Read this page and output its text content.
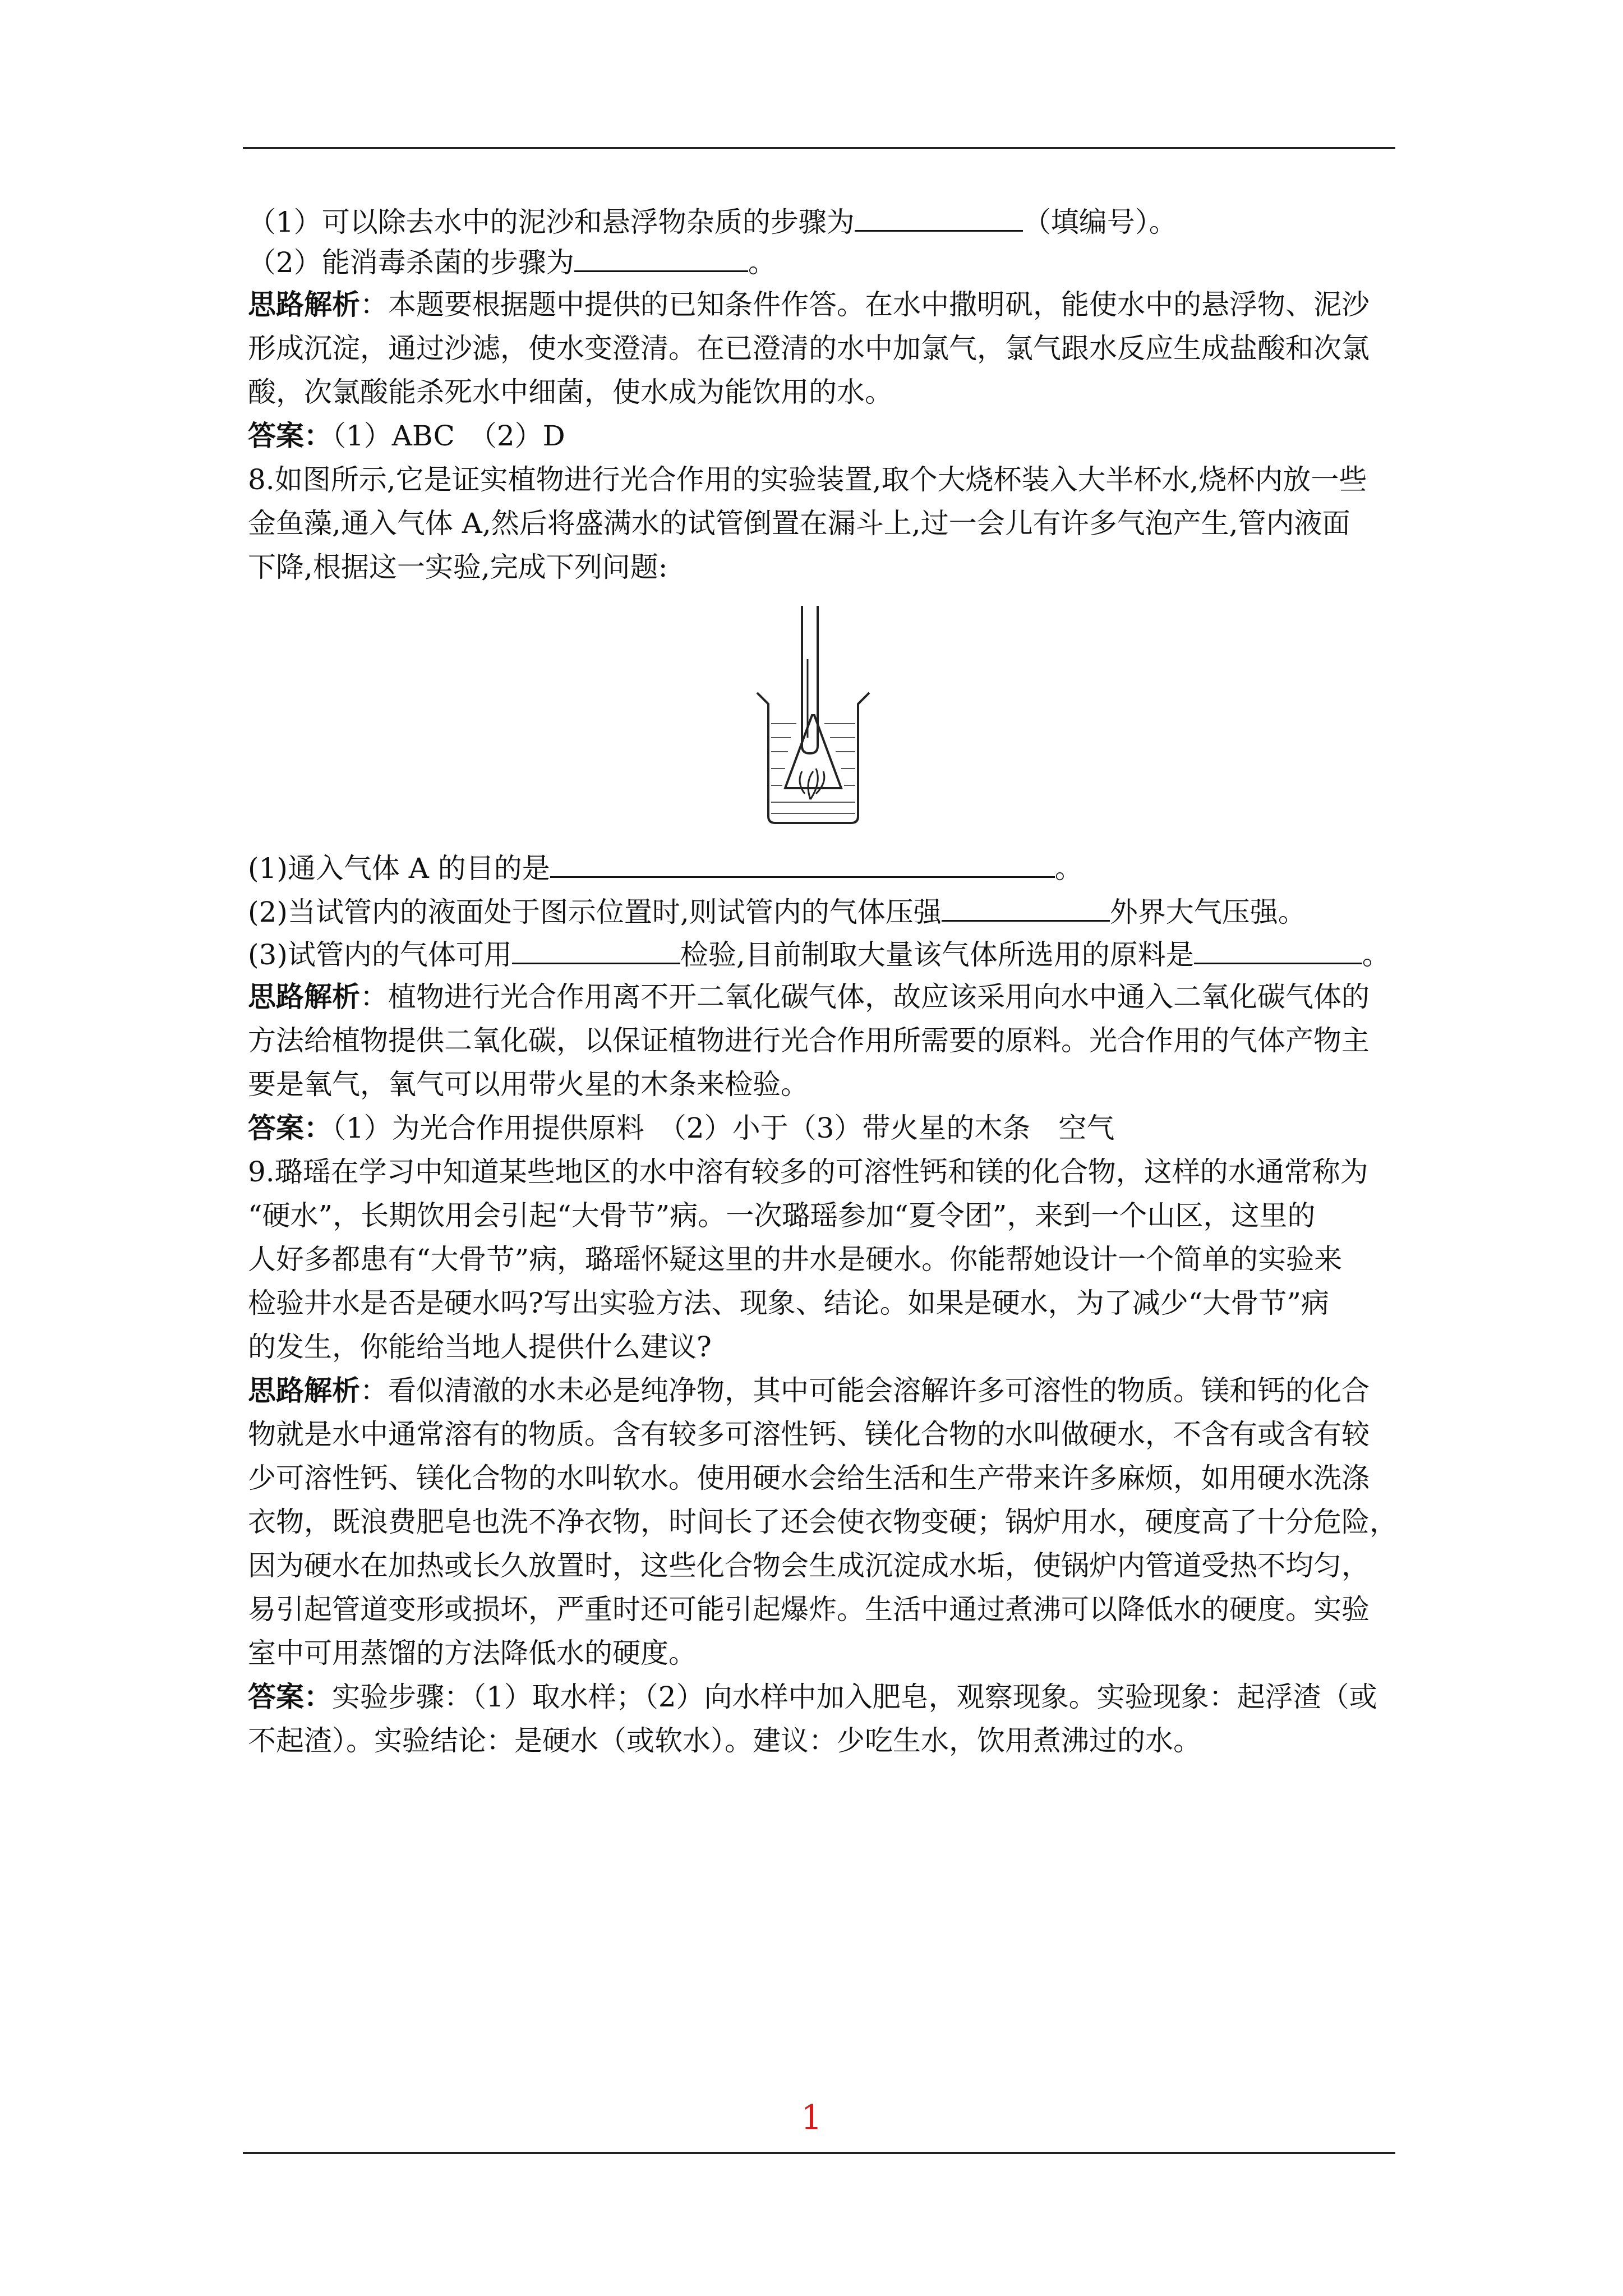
（1）可以除去水中的泥沙和悬浮物杂质的步骤为	（填编号）。
（2）能消毒杀菌的步骤为	。
思路解析：本题要根据题中提供的已知条件作答。在水中撒明矾，能使水中的悬浮物、泥沙
形成沉淀，通过沙滤，使水变澄清。在已澄清的水中加氯气，氯气跟水反应生成盐酸和次氯
酸，次氯酸能杀死水中细菌，使水成为能饮用的水。
答案：（1）ABC　（2）D
8.如图所示,它是证实植物进行光合作用的实验装置,取个大烧杯装入大半杯水,烧杯内放一些
金鱼藻,通入气体 A,然后将盛满水的试管倒置在漏斗上,过一会儿有许多气泡产生,管内液面
下降,根据这一实验,完成下列问题:
(1)通入气体 A 的目的是	。
(2)当试管内的液面处于图示位置时,则试管内的气体压强	外界大气压强。
(3)试管内的气体可用	检验,目前制取大量该气体所选用的原料是	。
思路解析：植物进行光合作用离不开二氧化碳气体，故应该采用向水中通入二氧化碳气体的
方法给植物提供二氧化碳，以保证植物进行光合作用所需要的原料。光合作用的气体产物主
要是氧气，氧气可以用带火星的木条来检验。
答案：（1）为光合作用提供原料　（2）小于（3）带火星的木条　空气
9.璐瑶在学习中知道某些地区的水中溶有较多的可溶性钙和镁的化合物，这样的水通常称为
“硬水”，长期饮用会引起“大骨节”病。一次璐瑶参加“夏令团”，来到一个山区，这里的
人好多都患有“大骨节”病，璐瑶怀疑这里的井水是硬水。你能帮她设计一个简单的实验来
检验井水是否是硬水吗?写出实验方法、现象、结论。如果是硬水，为了减少“大骨节”病
的发生，你能给当地人提供什么建议?
思路解析：看似清澈的水未必是纯净物，其中可能会溶解许多可溶性的物质。镁和钙的化合
物就是水中通常溶有的物质。含有较多可溶性钙、镁化合物的水叫做硬水，不含有或含有较
少可溶性钙、镁化合物的水叫软水。使用硬水会给生活和生产带来许多麻烦，如用硬水洗涤
衣物，既浪费肥皂也洗不净衣物，时间长了还会使衣物变硬；锅炉用水，硬度高了十分危险，
因为硬水在加热或长久放置时，这些化合物会生成沉淀成水垢，使锅炉内管道受热不均匀，
易引起管道变形或损坏，严重时还可能引起爆炸。生活中通过煮沸可以降低水的硬度。实验
室中可用蒸馏的方法降低水的硬度。
答案：实验步骤：（1）取水样；（2）向水样中加入肥皂，观察现象。实验现象：起浮渣（或
不起渣）。实验结论：是硬水（或软水）。建议：少吃生水，饮用煮沸过的水。
1
